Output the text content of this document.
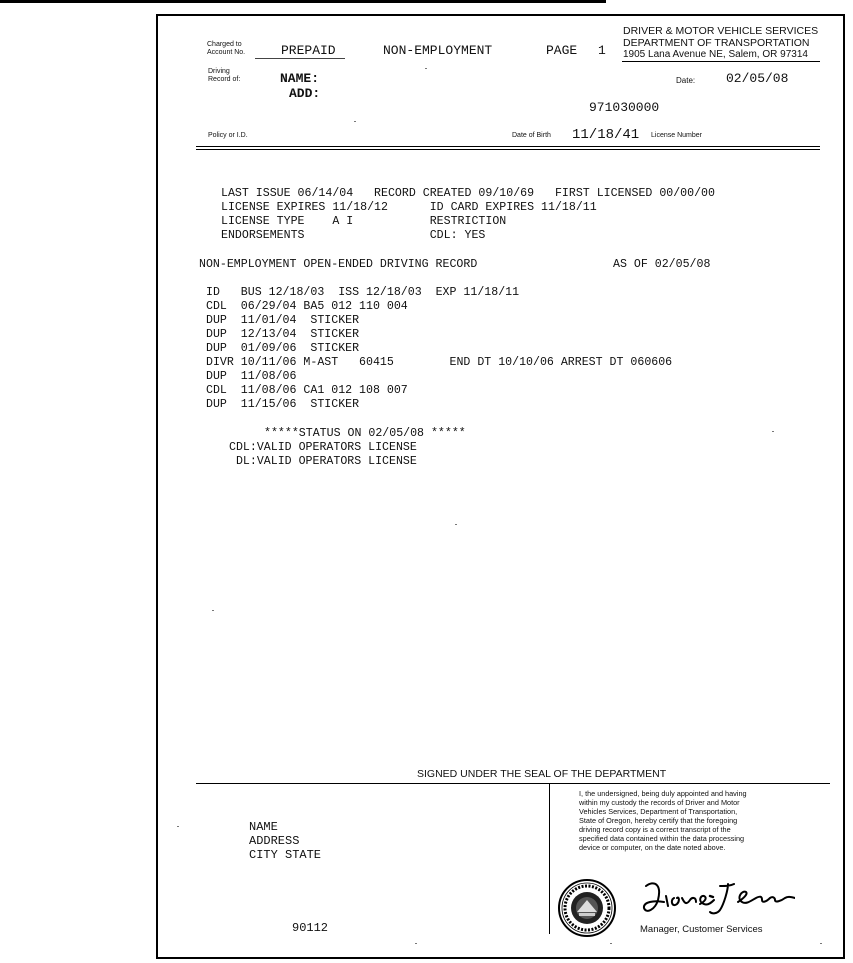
Charged to
Account No.	PREPAID	NON-EMPLOYMENT	PAGE 1
DRIVER & MOTOR VEHICLE SERVICES
DEPARTMENT OF TRANSPORTATION
1905 Lana Avenue NE, Salem, OR 97314
Driving
Record of:	NAME:
ADD:
Date: 02/05/08
971030000
Policy or I.D.	Date of Birth 11/18/41 License Number
LAST ISSUE 06/14/04   RECORD CREATED 09/10/69   FIRST LICENSED 00/00/00
LICENSE EXPIRES 11/18/12      ID CARD EXPIRES 11/18/11
LICENSE TYPE    A I           RESTRICTION
ENDORSEMENTS                  CDL: YES
NON-EMPLOYMENT OPEN-ENDED DRIVING RECORD	AS OF 02/05/08
ID   BUS 12/18/03  ISS 12/18/03  EXP 11/18/11
CDL  06/29/04 BA5 012 110 004
DUP  11/01/04  STICKER
DUP  12/13/04  STICKER
DUP  01/09/06  STICKER
DIVR 10/11/06 M-AST   60415        END DT 10/10/06 ARREST DT 060606
DUP  11/08/06
CDL  11/08/06 CA1 012 108 007
DUP  11/15/06  STICKER
*****STATUS ON 02/05/08 *****
CDL:VALID OPERATORS LICENSE
DL:VALID OPERATORS LICENSE
SIGNED UNDER THE SEAL OF THE DEPARTMENT
NAME
ADDRESS
CITY STATE
90112
I, the undersigned, being duly appointed and having
within my custody the records of Driver and Motor
Vehicles Services, Department of Transportation,
State of Oregon, hereby certify that the foregoing
driving record copy is a correct transcript of the
specified data contained within the data processing
device or computer, on the date noted above.
Manager, Customer Services
